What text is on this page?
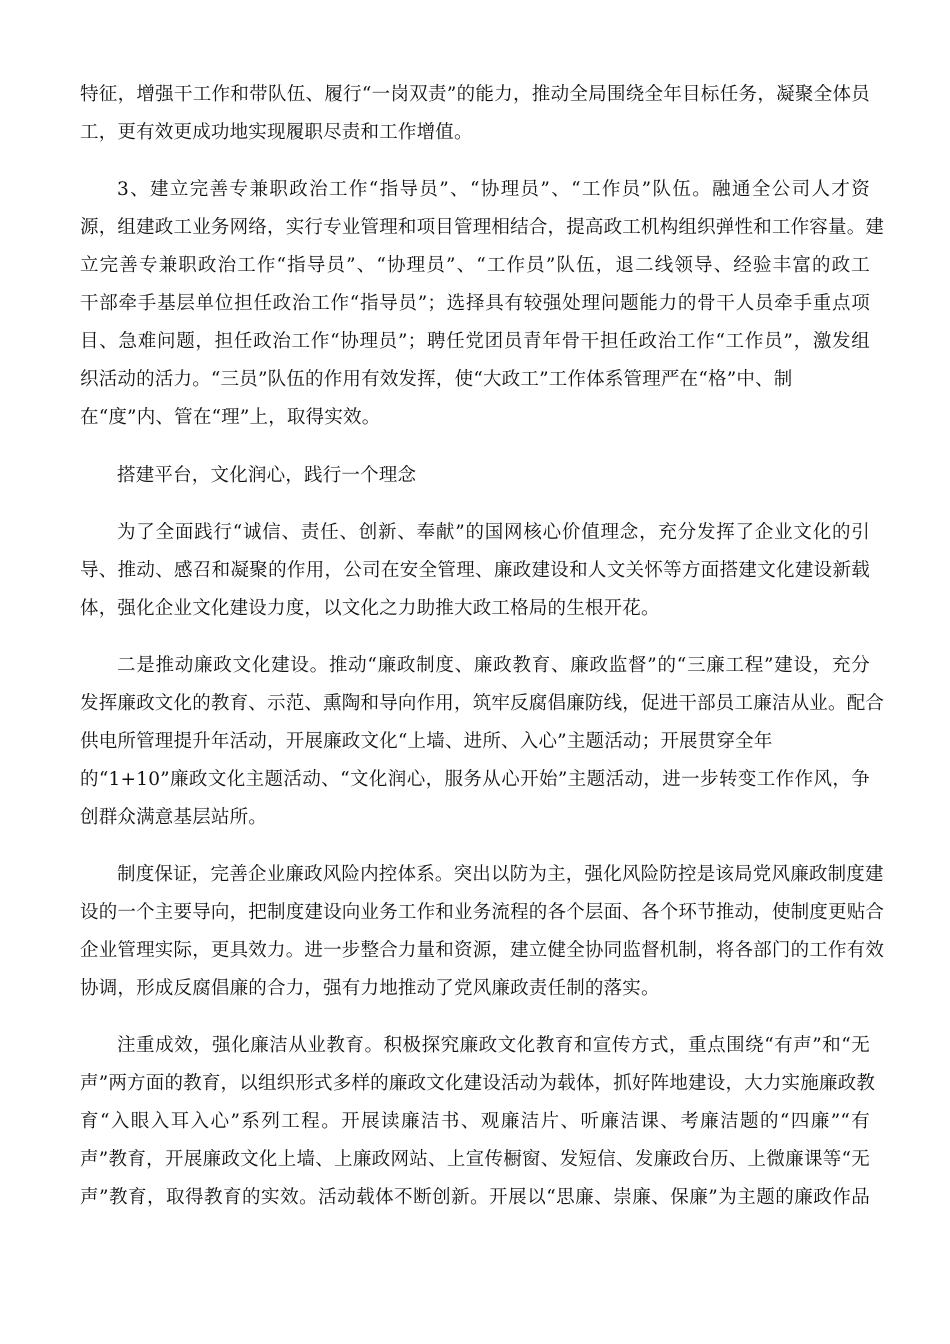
特征，增强干工作和带队伍、履行“一岗双责”的能力，推动全局围绕全年目标任务，凝聚全体员
工，更有效更成功地实现履职尽责和工作增值。
3、建立完善专兼职政治工作“指导员”、“协理员”、“工作员”队伍。融通全公司人才资
源，组建政工业务网络，实行专业管理和项目管理相结合，提高政工机构组织弹性和工作容量。建
立完善专兼职政治工作“指导员”、“协理员”、“工作员”队伍，退二线领导、经验丰富的政工
干部牵手基层单位担任政治工作“指导员”；选择具有较强处理问题能力的骨干人员牵手重点项
目、急难问题，担任政治工作“协理员”；聘任党团员青年骨干担任政治工作“工作员”，激发组
织活动的活力。“三员”队伍的作用有效发挥，使“大政工”工作体系管理严在“格”中、制
在“度”内、管在“理”上，取得实效。
搭建平台，文化润心，践行一个理念
为了全面践行“诚信、责任、创新、奉献”的国网核心价值理念，充分发挥了企业文化的引
导、推动、感召和凝聚的作用，公司在安全管理、廉政建设和人文关怀等方面搭建文化建设新载
体，强化企业文化建设力度，以文化之力助推大政工格局的生根开花。
二是推动廉政文化建设。推动“廉政制度、廉政教育、廉政监督”的“三廉工程”建设，充分
发挥廉政文化的教育、示范、熏陶和导向作用，筑牢反腐倡廉防线，促进干部员工廉洁从业。配合
供电所管理提升年活动，开展廉政文化“上墙、进所、入心”主题活动；开展贯穿全年
的“1+10”廉政文化主题活动、“文化润心，服务从心开始”主题活动，进一步转变工作作风，争
创群众满意基层站所。
制度保证，完善企业廉政风险内控体系。突出以防为主，强化风险防控是该局党风廉政制度建
设的一个主要导向，把制度建设向业务工作和业务流程的各个层面、各个环节推动，使制度更贴合
企业管理实际，更具效力。进一步整合力量和资源，建立健全协同监督机制，将各部门的工作有效
协调，形成反腐倡廉的合力，强有力地推动了党风廉政责任制的落实。
注重成效，强化廉洁从业教育。积极探究廉政文化教育和宣传方式，重点围绕“有声”和“无
声”两方面的教育，以组织形式多样的廉政文化建设活动为载体，抓好阵地建设，大力实施廉政教
育“入眼入耳入心”系列工程。开展读廉洁书、观廉洁片、听廉洁课、考廉洁题的“四廉”“有
声”教育，开展廉政文化上墙、上廉政网站、上宣传橱窗、发短信、发廉政台历、上微廉课等“无
声”教育，取得教育的实效。活动载体不断创新。开展以“思廉、崇廉、保廉”为主题的廉政作品
